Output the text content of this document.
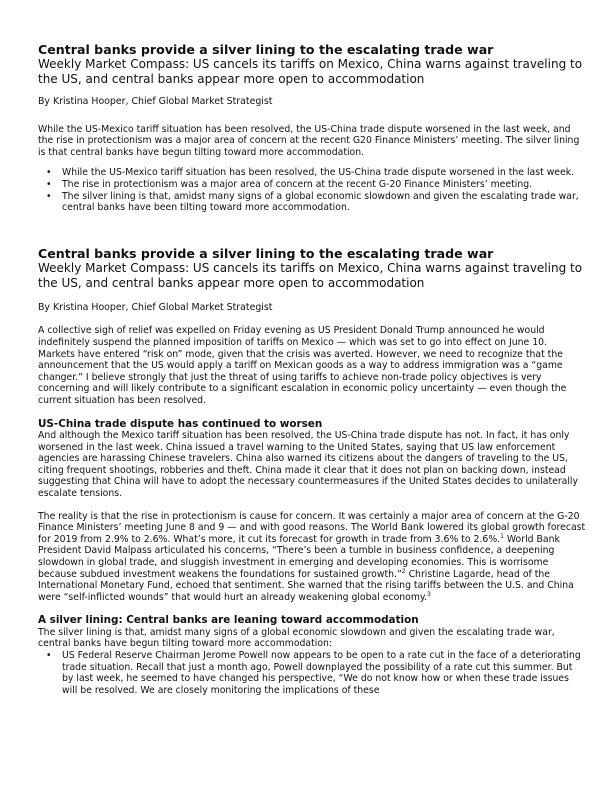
Central banks provide a silver lining to the escalating trade war
Weekly Market Compass: US cancels its tariffs on Mexico, China warns against traveling to the US, and central banks appear more open to accommodation
By Kristina Hooper, Chief Global Market Strategist

While the US-Mexico tariff situation has been resolved, the US-China trade dispute worsened in the last week, and the rise in protectionism was a major area of concern at the recent G20 Finance Ministers’ meeting. The silver lining is that central banks have begun tilting toward more accommodation.

• While the US-Mexico tariff situation has been resolved, the US-China trade dispute worsened in the last week.
• The rise in protectionism was a major area of concern at the recent G-20 Finance Ministers’ meeting.
• The silver lining is that, amidst many signs of a global economic slowdown and given the escalating trade war, central banks have been tilting toward more accommodation.
Central banks provide a silver lining to the escalating trade war
Weekly Market Compass: US cancels its tariffs on Mexico, China warns against traveling to the US, and central banks appear more open to accommodation
By Kristina Hooper, Chief Global Market Strategist

A collective sigh of relief was expelled on Friday evening as US President Donald Trump announced he would indefinitely suspend the planned imposition of tariffs on Mexico — which was set to go into effect on June 10. Markets have entered “risk on” mode, given that the crisis was averted. However, we need to recognize that the announcement that the US would apply a tariff on Mexican goods as a way to address immigration was a “game changer.” I believe strongly that just the threat of using tariffs to achieve non-trade policy objectives is very concerning and will likely contribute to a significant escalation in economic policy uncertainty — even though the current situation has been resolved.

US-China trade dispute has continued to worsen

And although the Mexico tariff situation has been resolved, the US-China trade dispute has not. In fact, it has only worsened in the last week. China issued a travel warning to the United States, saying that US law enforcement agencies are harassing Chinese travelers. China also warned its citizens about the dangers of traveling to the US, citing frequent shootings, robberies and theft. China made it clear that it does not plan on backing down, instead suggesting that China will have to adopt the necessary countermeasures if the United States decides to unilaterally escalate tensions.

The reality is that the rise in protectionism is cause for concern. It was certainly a major area of concern at the G-20 Finance Ministers’ meeting June 8 and 9 — and with good reasons. The World Bank lowered its global growth forecast for 2019 from 2.9% to 2.6%. What’s more, it cut its forecast for growth in trade from 3.6% to 2.6%.$^1$ World Bank President David Malpass articulated his concerns, “There’s been a tumble in business confidence, a deepening slowdown in global trade, and sluggish investment in emerging and developing economies. This is worrisome because subdued investment weakens the foundations for sustained growth.”$^2$ Christine Lagarde, head of the International Monetary Fund, echoed that sentiment. She warned that the rising tariffs between the U.S. and China were “self-inflicted wounds” that would hurt an already weakening global economy.$^3$

A silver lining: Central banks are leaning toward accommodation

The silver lining is that, amidst many signs of a global economic slowdown and given the escalating trade war, central banks have begun tilting toward more accommodation:

• US Federal Reserve Chairman Jerome Powell now appears to be open to a rate cut in the face of a deteriorating trade situation. Recall that just a month ago, Powell downplayed the possibility of a rate cut this summer. But by last week, he seemed to have changed his perspective, “We do not know how or when these trade issues will be resolved. We are closely monitoring the implications of these
